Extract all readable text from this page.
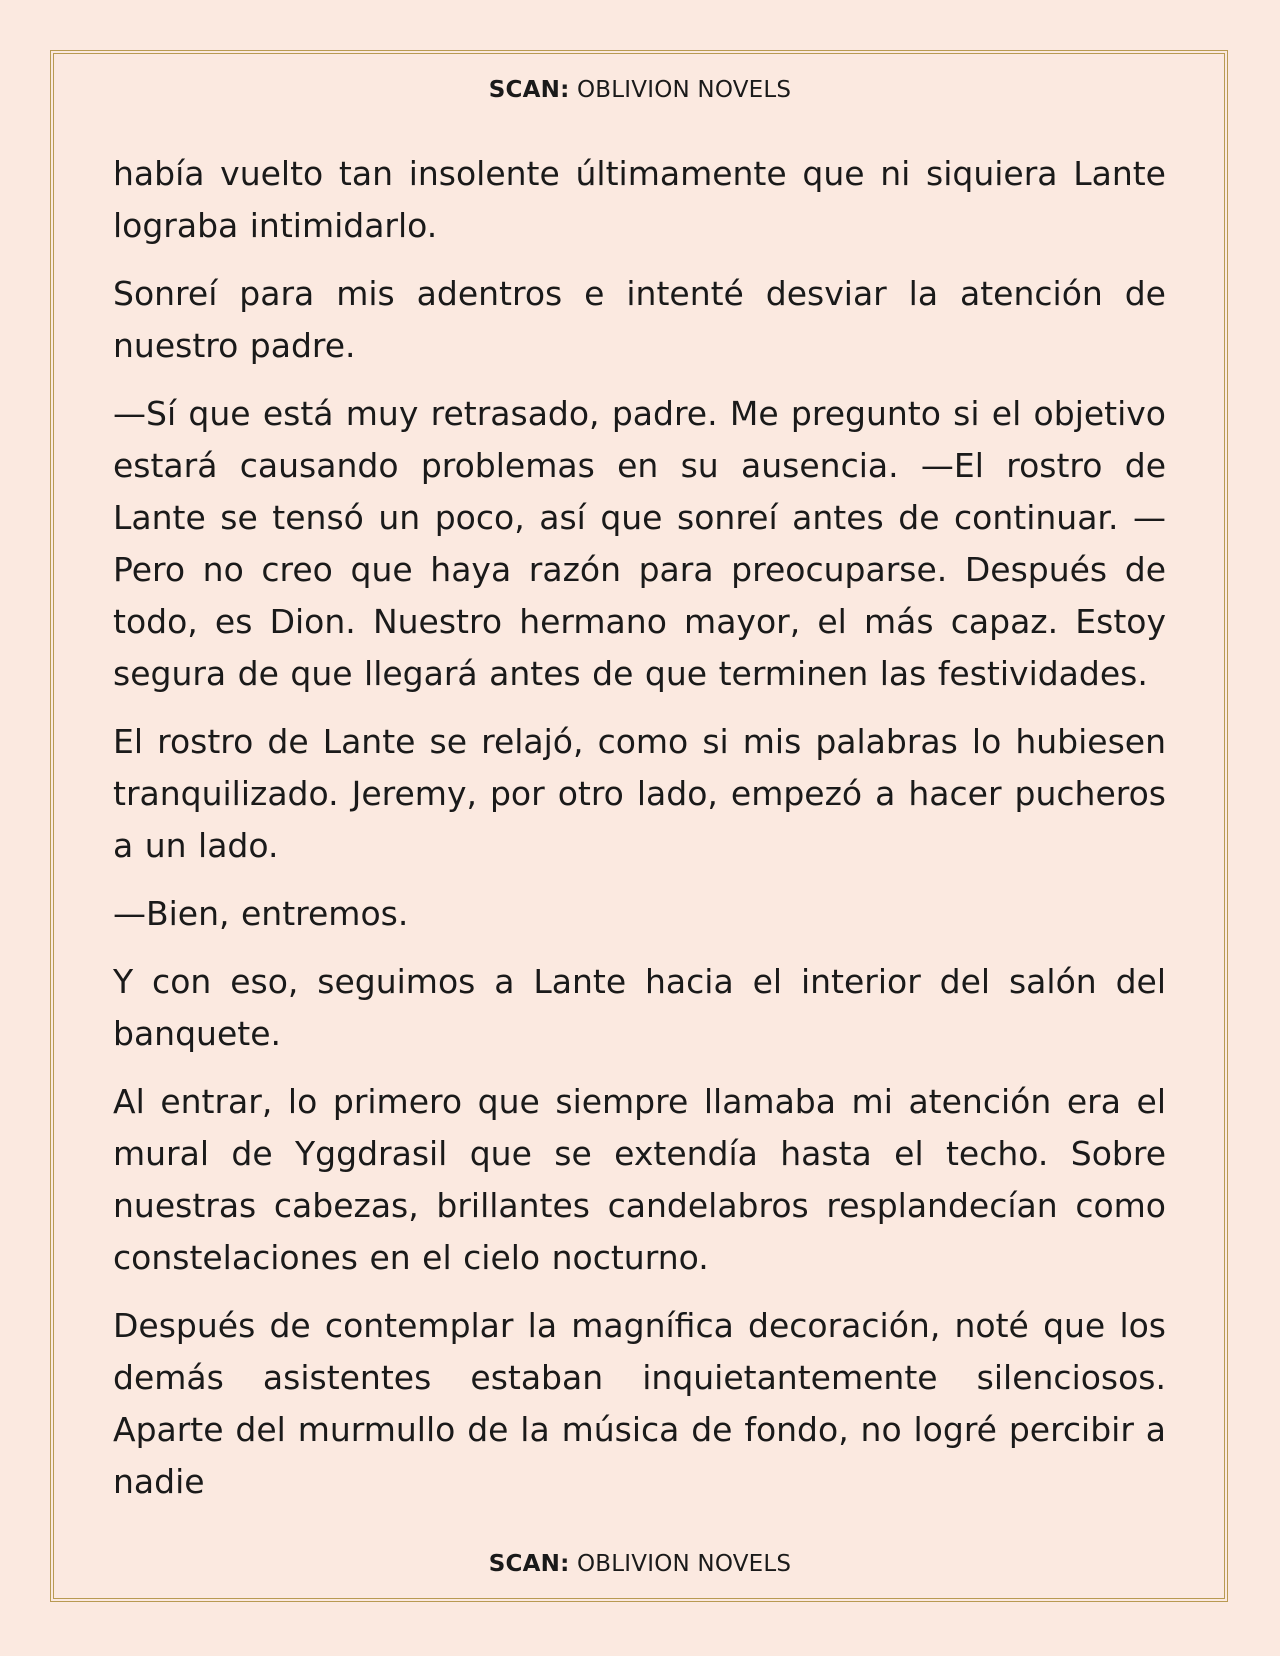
SCAN: OBLIVION NOVELS

había vuelto tan insolente últimamente que ni siquiera Lante lograba intimidarlo.

Sonreí para mis adentros e intenté desviar la atención de nuestro padre.

—Sí que está muy retrasado, padre. Me pregunto si el objetivo estará causando problemas en su ausencia. —El rostro de Lante se tensó un poco, así que sonreí antes de continuar. —Pero no creo que haya razón para preocuparse. Después de todo, es Dion. Nuestro hermano mayor, el más capaz. Estoy segura de que llegará antes de que terminen las festividades.

El rostro de Lante se relajó, como si mis palabras lo hubiesen tranquilizado. Jeremy, por otro lado, empezó a hacer pucheros a un lado.

—Bien, entremos.

Y con eso, seguimos a Lante hacia el interior del salón del banquete.

Al entrar, lo primero que siempre llamaba mi atención era el mural de Yggdrasil que se extendía hasta el techo. Sobre nuestras cabezas, brillantes candelabros resplandecían como constelaciones en el cielo nocturno.

Después de contemplar la magnífica decoración, noté que los demás asistentes estaban inquietantemente silenciosos. Aparte del murmullo de la música de fondo, no logré percibir a nadie

SCAN: OBLIVION NOVELS
